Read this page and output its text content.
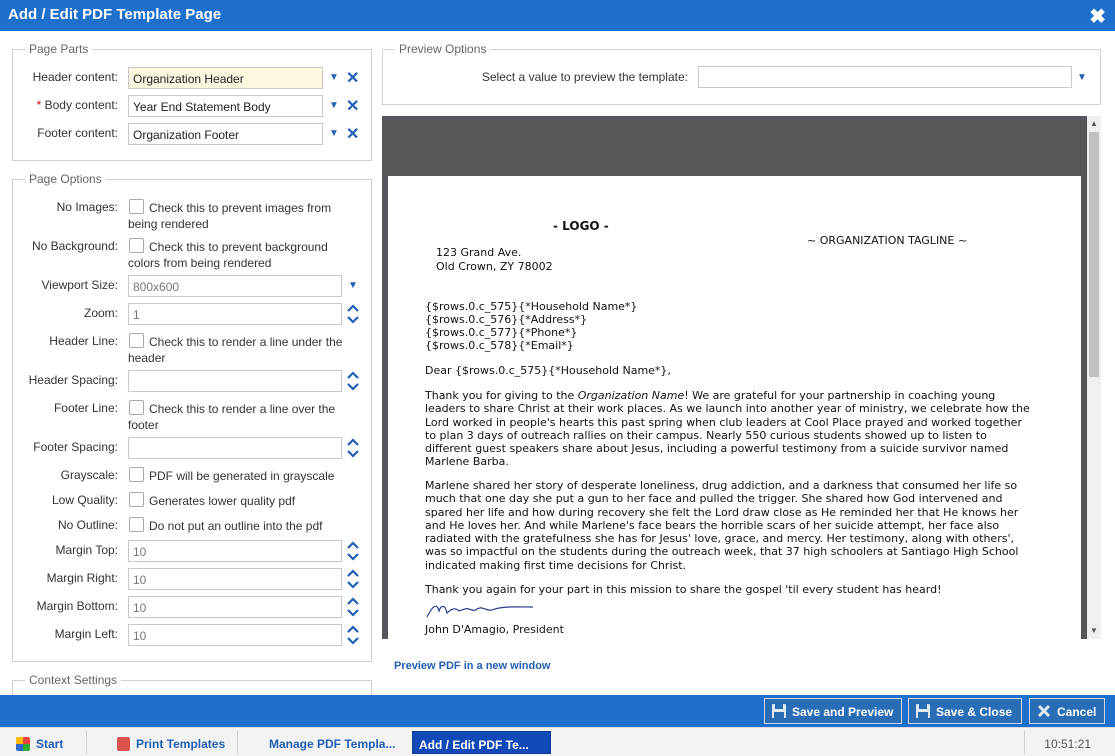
Add / Edit PDF Template Page	✖
Page Parts
Header content:	Organization Header	▼ ✕
* Body content:	Year End Statement Body	▼ ✕
Footer content:	Organization Footer	▼ ✕
Page Options
No Images:	Check this to prevent images from
being rendered
No Background:	Check this to prevent background
colors from being rendered
Viewport Size:	800x600	▼
Zoom:	1
Header Line:	Check this to render a line under the
header
Header Spacing:
Footer Line:	Check this to render a line over the
footer
Footer Spacing:
Grayscale:	PDF will be generated in grayscale
Low Quality:	Generates lower quality pdf
No Outline:	Do not put an outline into the pdf
Margin Top:	10
Margin Right:	10
Margin Bottom:	10
Margin Left:	10
Context Settings
Preview Options
Select a value to preview the template:	▼
- LOGO -
~ ORGANIZATION TAGLINE ~
123 Grand Ave.
Old Crown, ZY 78002
{$rows.0.c_575}{*Household Name*}
{$rows.0.c_576}{*Address*}
{$rows.0.c_577}{*Phone*}
{$rows.0.c_578}{*Email*}
Dear {$rows.0.c_575}{*Household Name*},
Thank you for giving to the Organization Name! We are grateful for your partnership in coaching young
leaders to share Christ at their work places. As we launch into another year of ministry, we celebrate how the
Lord worked in people's hearts this past spring when club leaders at Cool Place prayed and worked together
to plan 3 days of outreach rallies on their campus. Nearly 550 curious students showed up to listen to
different guest speakers share about Jesus, including a powerful testimony from a suicide survivor named
Marlene Barba.
Marlene shared her story of desperate loneliness, drug addiction, and a darkness that consumed her life so
much that one day she put a gun to her face and pulled the trigger. She shared how God intervened and
spared her life and how during recovery she felt the Lord draw close as He reminded her that He knows her
and He loves her. And while Marlene's face bears the horrible scars of her suicide attempt, her face also
radiated with the gratefulness she has for Jesus' love, grace, and mercy. Her testimony, along with others',
was so impactful on the students during the outreach week, that 37 high schoolers at Santiago High School
indicated making first time decisions for Christ.
Thank you again for your part in this mission to share the gospel 'til every student has heard!
John D'Amagio, President
▲
▼
Preview PDF in a new window
Save and Preview	Save & Close	Cancel
Start	Print Templates	Manage PDF Templa...	Add / Edit PDF Te...	10:51:21
